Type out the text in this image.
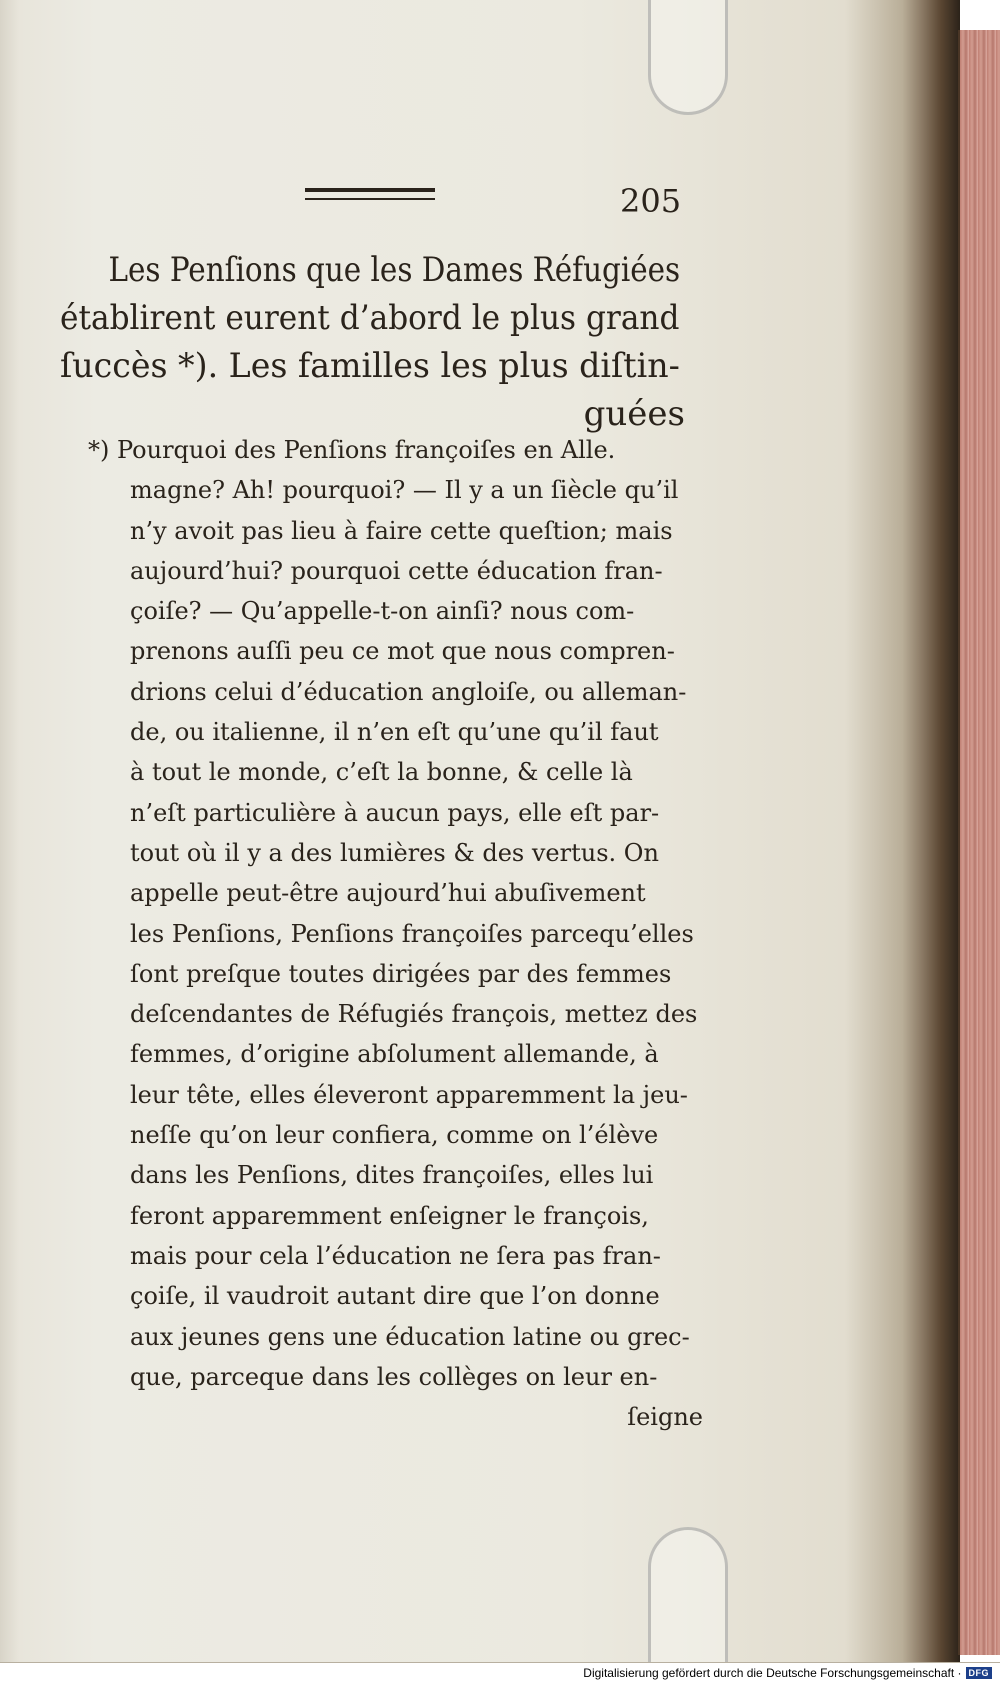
205
Les Penſions que les Dames Réfugiées
établirent eurent d’abord le plus grand
ſuccès *). Les familles les plus diſtin-
guées
*) Pourquoi des Penſions françoiſes en Alle.
magne? Ah! pourquoi? — Il y a un ſiècle qu’il
n’y avoit pas lieu à faire cette queſtion; mais
aujourd’hui? pourquoi cette éducation fran-
çoiſe? — Qu’appelle-t-on ainſi? nous com-
prenons auſſi peu ce mot que nous compren-
drions celui d’éducation angloiſe, ou alleman-
de, ou italienne, il n’en eſt qu’une qu’il faut
à tout le monde, c’eſt la bonne, & celle là
n’eſt particulière à aucun pays, elle eſt par-
tout où il y a des lumières & des vertus. On
appelle peut-être aujourd’hui abuſivement
les Penſions, Penſions françoiſes parcequ’elles
ſont preſque toutes dirigées par des femmes
deſcendantes de Réfugiés françois, mettez des
femmes, d’origine abſolument allemande, à
leur tête, elles éleveront apparemment la jeu-
neſſe qu’on leur confiera, comme on l’élève
dans les Penſions, dites françoiſes, elles lui
feront apparemment enſeigner le françois,
mais pour cela l’éducation ne ſera pas fran-
çoiſe, il vaudroit autant dire que l’on donne
aux jeunes gens une éducation latine ou grec-
que, parceque dans les collèges on leur en-
ſeigne
Digitalisierung gefördert durch die Deutsche Forschungsgemeinschaft · DFG
